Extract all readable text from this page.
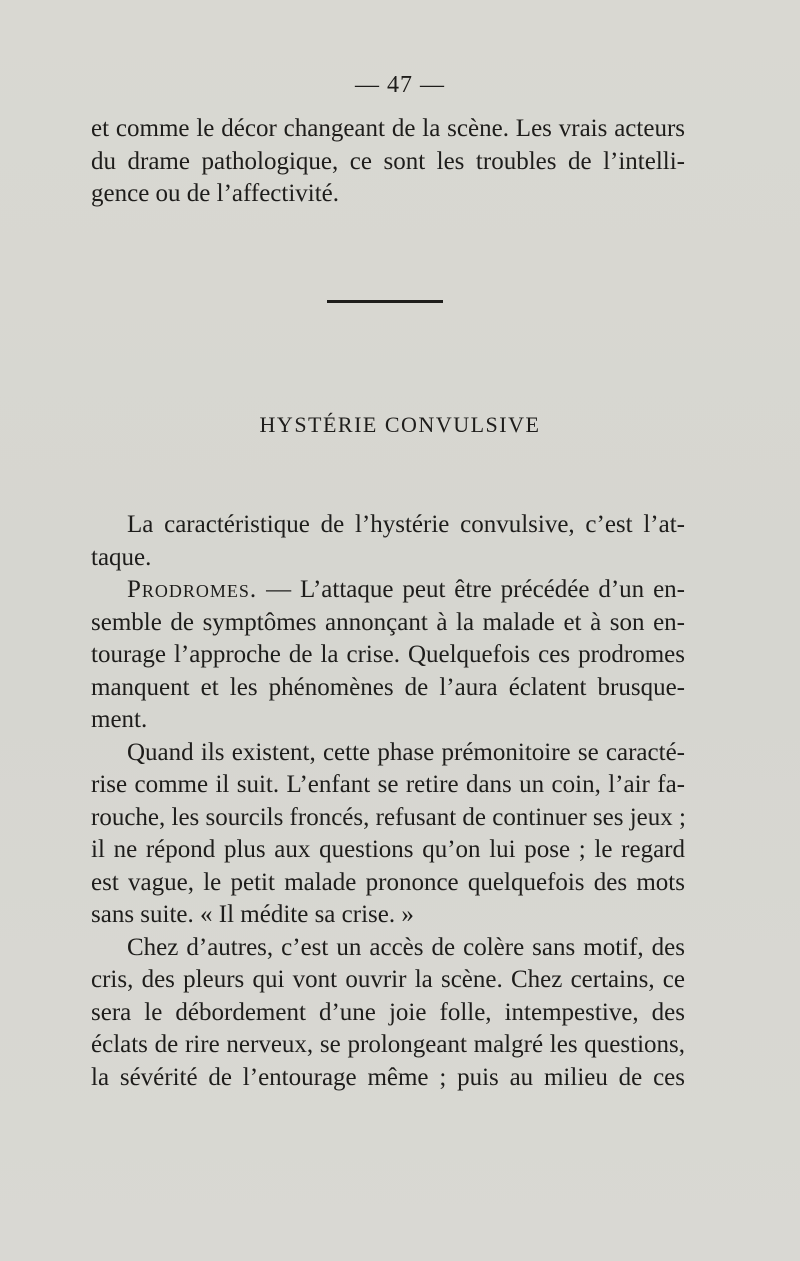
— 47 —
et comme le décor changeant de la scène. Les vrais acteurs
du drame pathologique, ce sont les troubles de l’intelli-
gence ou de l’affectivité.
HYSTÉRIE CONVULSIVE
La caractéristique de l’hystérie convulsive, c’est l’at-
taque.
Prodromes. — L’attaque peut être précédée d’un en-
semble de symptômes annonçant à la malade et à son en-
tourage l’approche de la crise. Quelquefois ces prodromes
manquent et les phénomènes de l’aura éclatent brusque-
ment.
Quand ils existent, cette phase prémonitoire se caracté-
rise comme il suit. L’enfant se retire dans un coin, l’air fa-
rouche, les sourcils froncés, refusant de continuer ses jeux ;
il ne répond plus aux questions qu’on lui pose ; le regard
est vague, le petit malade prononce quelquefois des mots
sans suite. « Il médite sa crise. »
Chez d’autres, c’est un accès de colère sans motif, des
cris, des pleurs qui vont ouvrir la scène. Chez certains, ce
sera le débordement d’une joie folle, intempestive, des
éclats de rire nerveux, se prolongeant malgré les questions,
la sévérité de l’entourage même ; puis au milieu de ces
